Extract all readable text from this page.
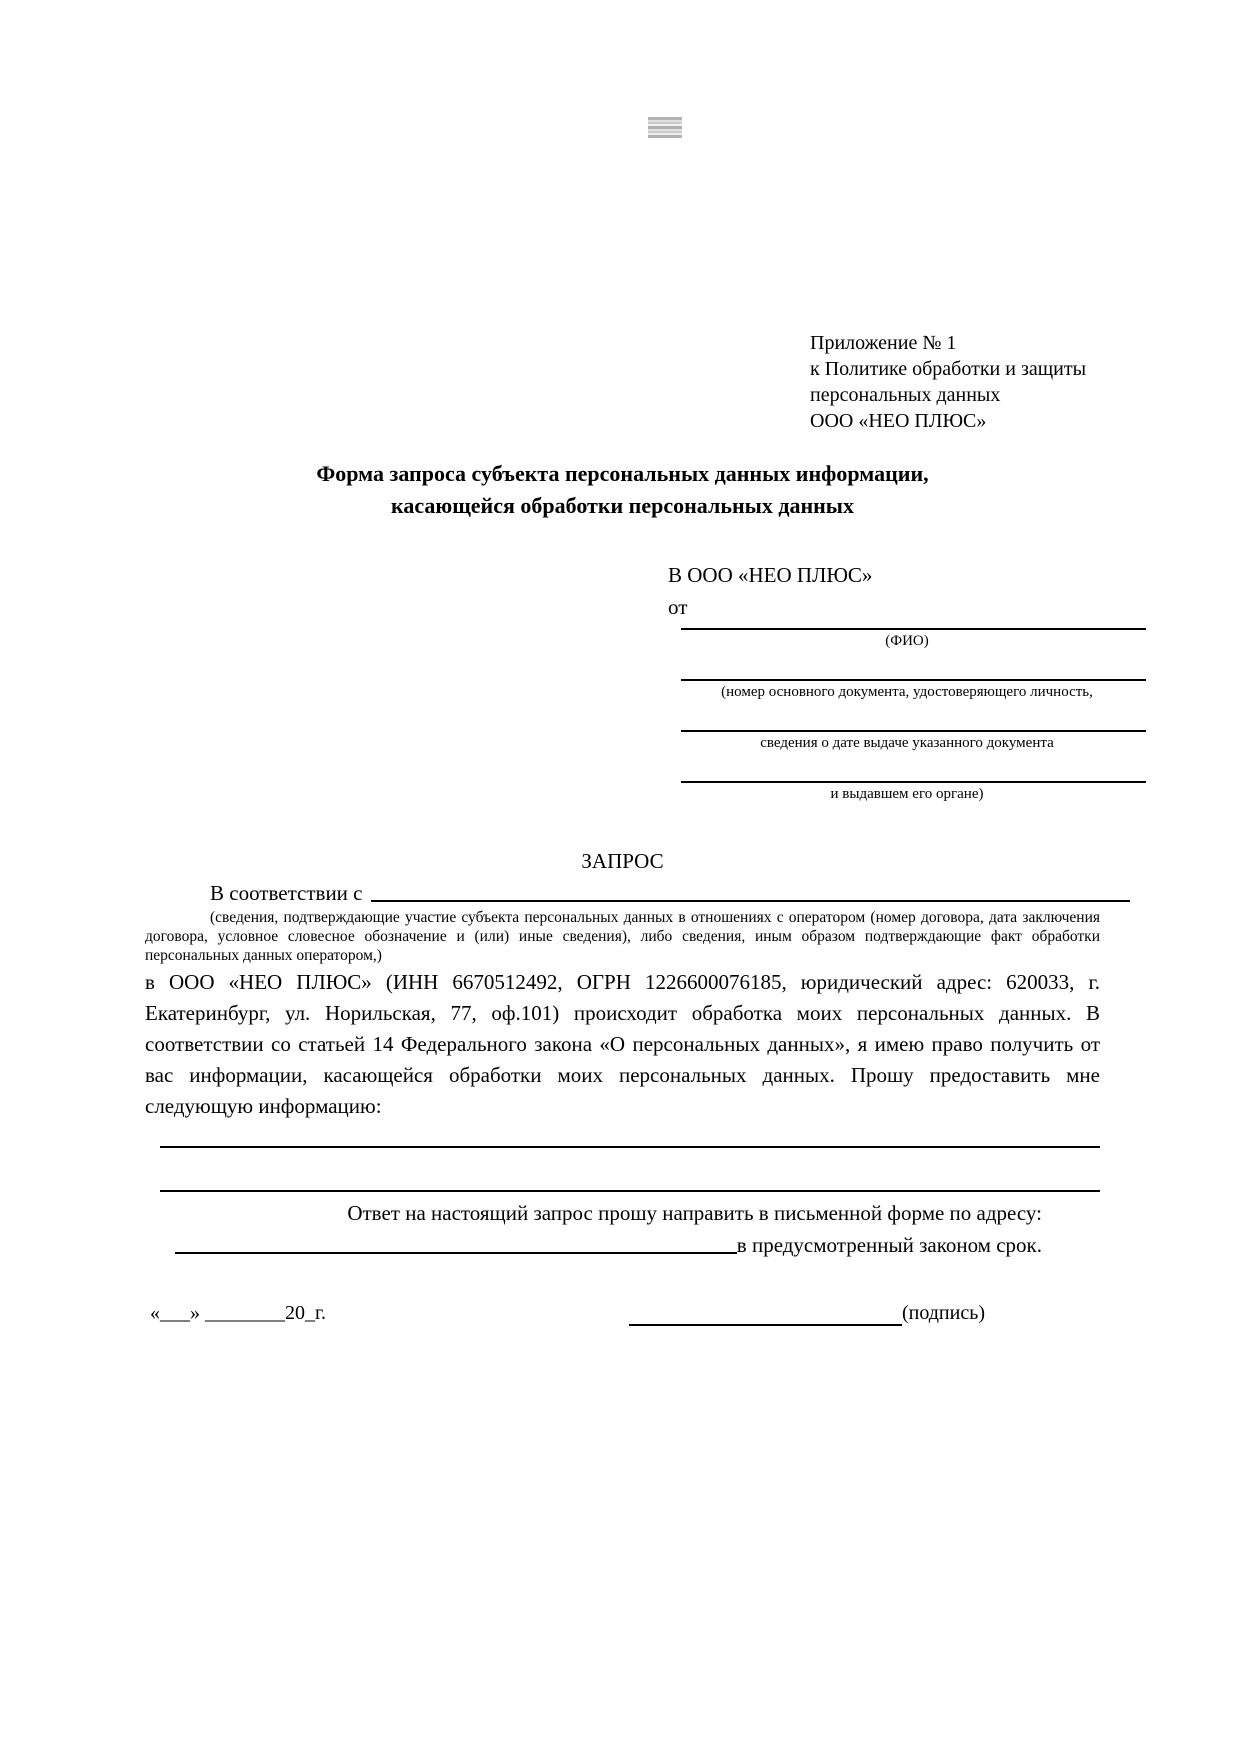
Приложение № 1
к Политике обработки и защиты
персональных данных
ООО «НЕО ПЛЮС»
Форма запроса субъекта персональных данных информации,
касающейся обработки персональных данных
В ООО «НЕО ПЛЮС»
от
(ФИО)
(номер основного документа, удостоверяющего личность,
сведения о дате выдаче указанного документа
и выдавшем его органе)
ЗАПРОС
В соответствии с

(сведения, подтверждающие участие субъекта персональных данных в отношениях с оператором (номер договора, дата заключения договора, условное словесное обозначение и (или) иные сведения), либо сведения, иным образом подтверждающие факт обработки персональных данных оператором,)

в ООО «НЕО ПЛЮС» (ИНН 6670512492, ОГРН 1226600076185, юридический адрес: 620033, г. Екатеринбург, ул. Норильская, 77, оф.101) происходит обработка моих персональных данных. В соответствии со статьей 14 Федерального закона «О персональных данных», я имею право получить от вас информации, касающейся обработки моих персональных данных. Прошу предоставить мне следующую информацию:

Ответ на настоящий запрос прошу направить в письменной форме по адресу:
в предусмотренный законом срок.
«___» ________20_г.	(подпись)
